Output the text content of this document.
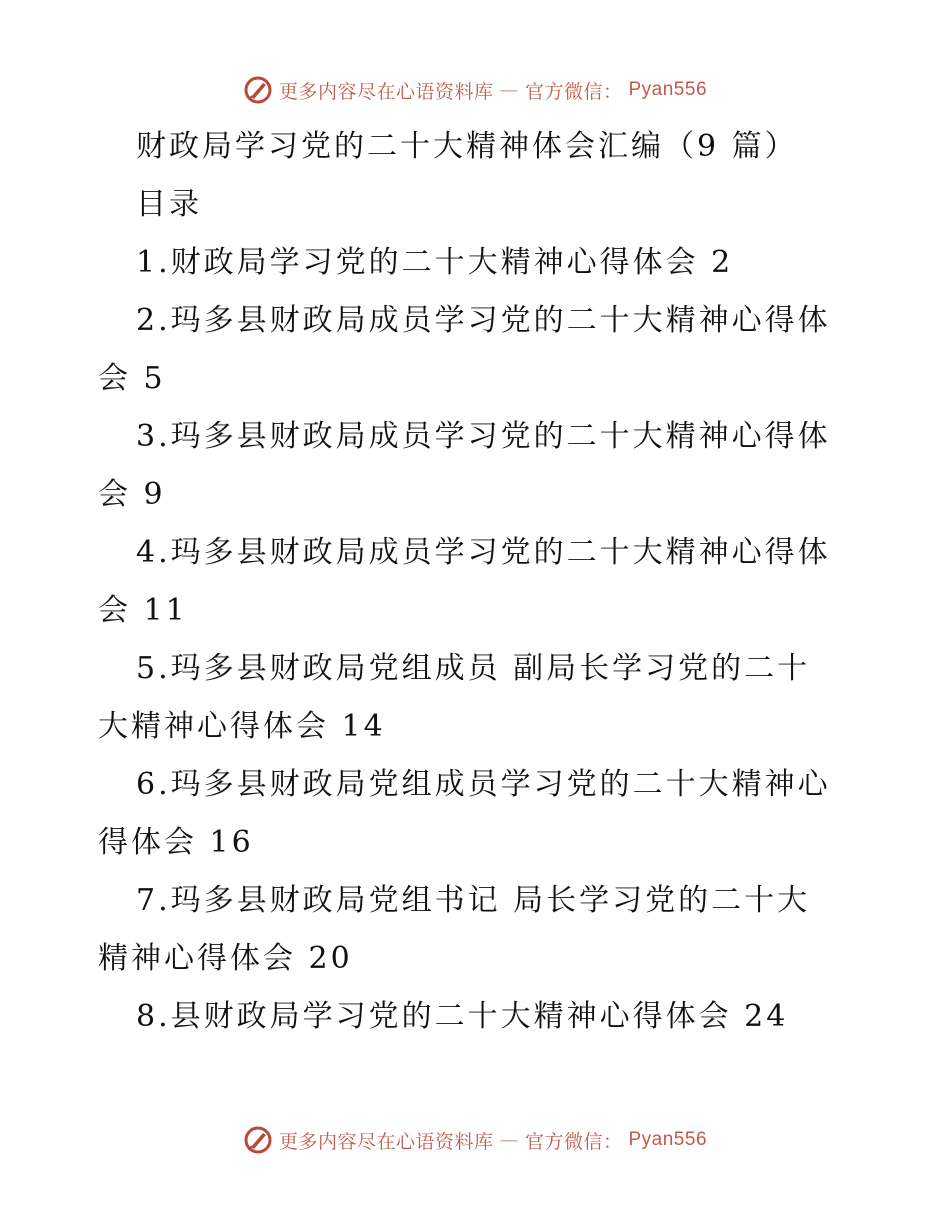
更多内容尽在心语资料库 — 官方微信： Pyan556

财政局学习党的二十大精神体会汇编（9 篇）

目录

1.财政局学习党的二十大精神心得体会 2
2.玛多县财政局成员学习党的二十大精神心得体
会 5
3.玛多县财政局成员学习党的二十大精神心得体
会 9
4.玛多县财政局成员学习党的二十大精神心得体
会 11
5.玛多县财政局党组成员 副局长学习党的二十
大精神心得体会 14
6.玛多县财政局党组成员学习党的二十大精神心
得体会 16
7.玛多县财政局党组书记 局长学习党的二十大
精神心得体会 20
8.县财政局学习党的二十大精神心得体会 24
更多内容尽在心语资料库 — 官方微信： Pyan556
